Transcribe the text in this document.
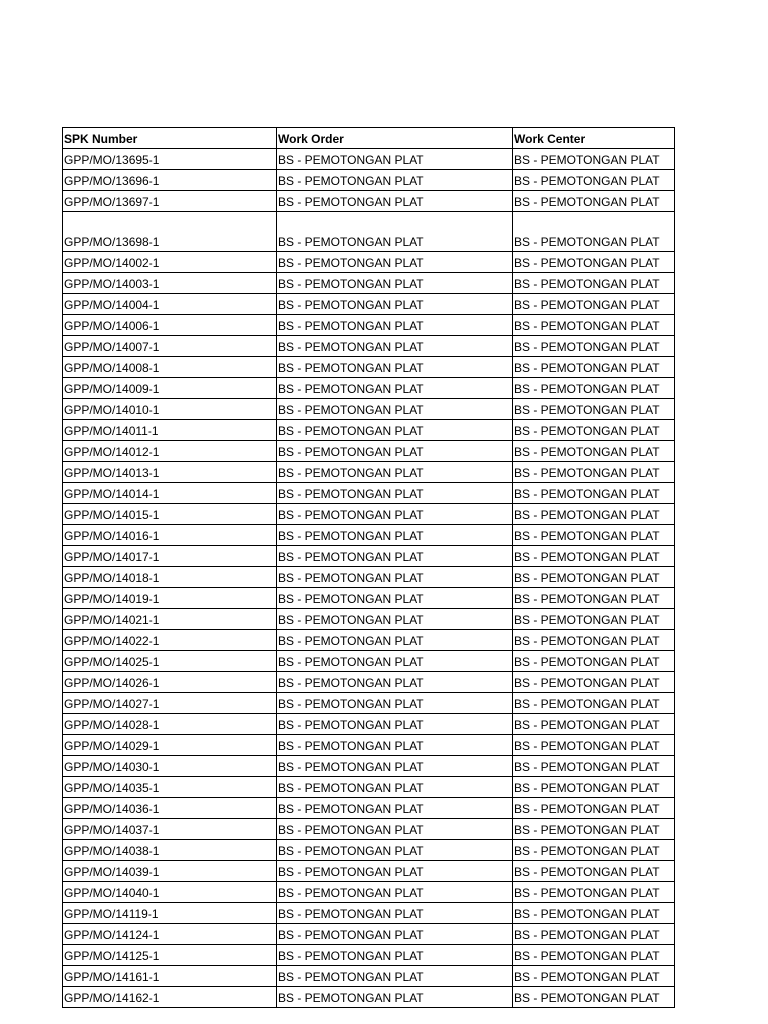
SPK Number	Work Order	Work Center
GPP/MO/13695-1	BS - PEMOTONGAN PLAT	BS - PEMOTONGAN PLAT
GPP/MO/13696-1	BS - PEMOTONGAN PLAT	BS - PEMOTONGAN PLAT
GPP/MO/13697-1	BS - PEMOTONGAN PLAT	BS - PEMOTONGAN PLAT
GPP/MO/13698-1	BS - PEMOTONGAN PLAT	BS - PEMOTONGAN PLAT
GPP/MO/14002-1	BS - PEMOTONGAN PLAT	BS - PEMOTONGAN PLAT
GPP/MO/14003-1	BS - PEMOTONGAN PLAT	BS - PEMOTONGAN PLAT
GPP/MO/14004-1	BS - PEMOTONGAN PLAT	BS - PEMOTONGAN PLAT
GPP/MO/14006-1	BS - PEMOTONGAN PLAT	BS - PEMOTONGAN PLAT
GPP/MO/14007-1	BS - PEMOTONGAN PLAT	BS - PEMOTONGAN PLAT
GPP/MO/14008-1	BS - PEMOTONGAN PLAT	BS - PEMOTONGAN PLAT
GPP/MO/14009-1	BS - PEMOTONGAN PLAT	BS - PEMOTONGAN PLAT
GPP/MO/14010-1	BS - PEMOTONGAN PLAT	BS - PEMOTONGAN PLAT
GPP/MO/14011-1	BS - PEMOTONGAN PLAT	BS - PEMOTONGAN PLAT
GPP/MO/14012-1	BS - PEMOTONGAN PLAT	BS - PEMOTONGAN PLAT
GPP/MO/14013-1	BS - PEMOTONGAN PLAT	BS - PEMOTONGAN PLAT
GPP/MO/14014-1	BS - PEMOTONGAN PLAT	BS - PEMOTONGAN PLAT
GPP/MO/14015-1	BS - PEMOTONGAN PLAT	BS - PEMOTONGAN PLAT
GPP/MO/14016-1	BS - PEMOTONGAN PLAT	BS - PEMOTONGAN PLAT
GPP/MO/14017-1	BS - PEMOTONGAN PLAT	BS - PEMOTONGAN PLAT
GPP/MO/14018-1	BS - PEMOTONGAN PLAT	BS - PEMOTONGAN PLAT
GPP/MO/14019-1	BS - PEMOTONGAN PLAT	BS - PEMOTONGAN PLAT
GPP/MO/14021-1	BS - PEMOTONGAN PLAT	BS - PEMOTONGAN PLAT
GPP/MO/14022-1	BS - PEMOTONGAN PLAT	BS - PEMOTONGAN PLAT
GPP/MO/14025-1	BS - PEMOTONGAN PLAT	BS - PEMOTONGAN PLAT
GPP/MO/14026-1	BS - PEMOTONGAN PLAT	BS - PEMOTONGAN PLAT
GPP/MO/14027-1	BS - PEMOTONGAN PLAT	BS - PEMOTONGAN PLAT
GPP/MO/14028-1	BS - PEMOTONGAN PLAT	BS - PEMOTONGAN PLAT
GPP/MO/14029-1	BS - PEMOTONGAN PLAT	BS - PEMOTONGAN PLAT
GPP/MO/14030-1	BS - PEMOTONGAN PLAT	BS - PEMOTONGAN PLAT
GPP/MO/14035-1	BS - PEMOTONGAN PLAT	BS - PEMOTONGAN PLAT
GPP/MO/14036-1	BS - PEMOTONGAN PLAT	BS - PEMOTONGAN PLAT
GPP/MO/14037-1	BS - PEMOTONGAN PLAT	BS - PEMOTONGAN PLAT
GPP/MO/14038-1	BS - PEMOTONGAN PLAT	BS - PEMOTONGAN PLAT
GPP/MO/14039-1	BS - PEMOTONGAN PLAT	BS - PEMOTONGAN PLAT
GPP/MO/14040-1	BS - PEMOTONGAN PLAT	BS - PEMOTONGAN PLAT
GPP/MO/14119-1	BS - PEMOTONGAN PLAT	BS - PEMOTONGAN PLAT
GPP/MO/14124-1	BS - PEMOTONGAN PLAT	BS - PEMOTONGAN PLAT
GPP/MO/14125-1	BS - PEMOTONGAN PLAT	BS - PEMOTONGAN PLAT
GPP/MO/14161-1	BS - PEMOTONGAN PLAT	BS - PEMOTONGAN PLAT
GPP/MO/14162-1	BS - PEMOTONGAN PLAT	BS - PEMOTONGAN PLAT
